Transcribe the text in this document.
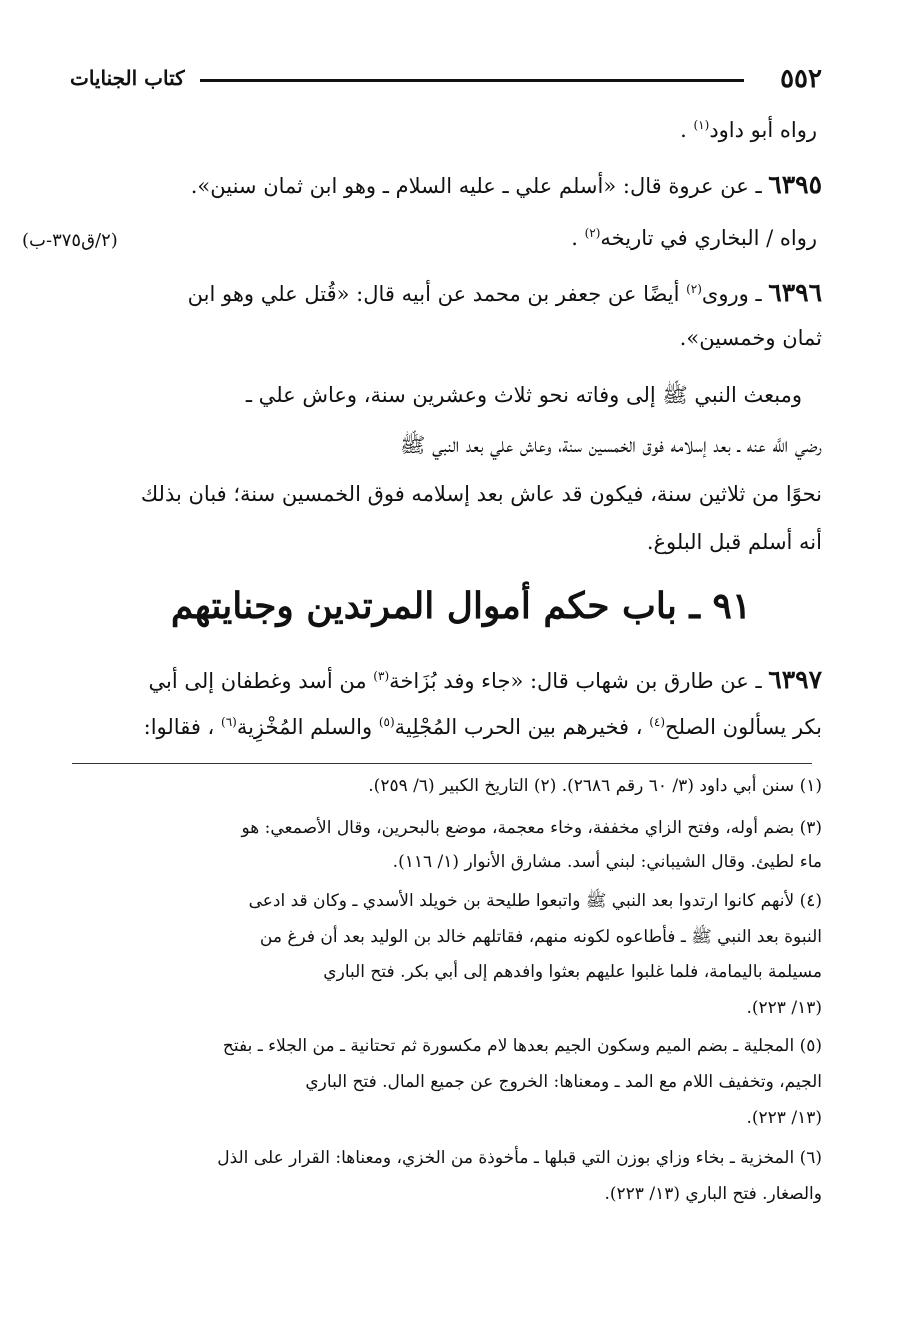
٥٥٢
كتاب الجنايات
رواه أبو داود$^{(١)}$ .
٦٣٩٥ ـ عن عروة قال: «أسلم علي ـ عليه السلام ـ وهو ابن ثمان سنين».
(٢/ق٣٧٥-ب)	رواه / البخاري في تاريخه$^{(٢)}$ .
٦٣٩٦ ـ وروى$^{(٢)}$ أيضًا عن جعفر بن محمد عن أبيه قال: «قُتل علي وهو ابن
ثمان وخمسين».
ومبعث النبي ﷺ إلى وفاته نحو ثلاث وعشرين سنة، وعاش علي ـ
رضي اللَّه عنه ـ بعد إسلامه فوق الخمسين سنة، وعاش علي بعد النبي ﷺ
نحوًا من ثلاثين سنة، فيكون قد عاش بعد إسلامه فوق الخمسين سنة؛ فبان بذلك
أنه أسلم قبل البلوغ.
٩١ ـ باب حكم أموال المرتدين وجنايتهم
٦٣٩٧ ـ عن طارق بن شهاب قال: «جاء وفد بُزَاخة$^{(٣)}$ من أسد وغطفان إلى أبي
بكر يسألون الصلح$^{(٤)}$ ، فخيرهم بين الحرب المُجْلِية$^{(٥)}$ والسلم المُخْزِية$^{(٦)}$ ، فقالوا:
(١) سنن أبي داود (٣/ ٦٠ رقم ٢٦٨٦). (٢) التاريخ الكبير (٦/ ٢٥٩).
(٣) بضم أوله، وفتح الزاي مخففة، وخاء معجمة، موضع بالبحرين، وقال الأصمعي: هو
ماء لطيئ. وقال الشيباني: لبني أسد. مشارق الأنوار (١/ ١١٦).
(٤) لأنهم كانوا ارتدوا بعد النبي ﷺ واتبعوا طليحة بن خويلد الأسدي ـ وكان قد ادعى
النبوة بعد النبي ﷺ ـ فأطاعوه لكونه منهم، فقاتلهم خالد بن الوليد بعد أن فرغ من
مسيلمة باليمامة، فلما غلبوا عليهم بعثوا وافدهم إلى أبي بكر. فتح الباري
(١٣/ ٢٢٣).
(٥) المجلية ـ بضم الميم وسكون الجيم بعدها لام مكسورة ثم تحتانية ـ من الجلاء ـ بفتح
الجيم، وتخفيف اللام مع المد ـ ومعناها: الخروج عن جميع المال. فتح الباري
(١٣/ ٢٢٣).
(٦) المخزية ـ بخاء وزاي بوزن التي قبلها ـ مأخوذة من الخزي، ومعناها: القرار على الذل
والصغار. فتح الباري (١٣/ ٢٢٣).
